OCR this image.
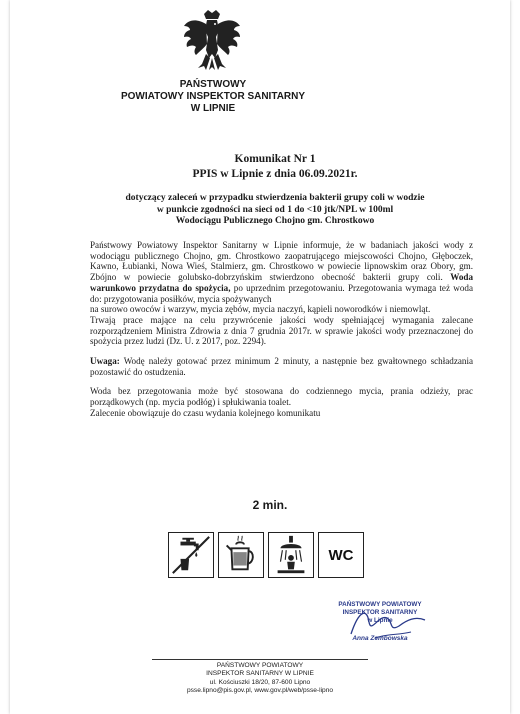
PAŃSTWOWY
POWIATOWY INSPEKTOR SANITARNY
W LIPNIE
Komunikat Nr 1
PPIS w Lipnie z dnia 06.09.2021r.
dotyczący zaleceń w przypadku stwierdzenia bakterii grupy coli w wodzie
w punkcie zgodności na sieci od 1 do <10 jtk/NPL w 100ml
Wodociągu Publicznego Chojno gm. Chrostkowo

Państwowy Powiatowy Inspektor Sanitarny w Lipnie informuje, że w badaniach jakości wody z wodociągu publicznego Chojno, gm. Chrostkowo zaopatrującego miejscowości Chojno, Głęboczek, Kawno, Łubianki, Nowa Wieś, Stalmierz, gm. Chrostkowo w powiecie lipnowskim oraz Obory, gm. Zbójno w powiecie golubsko-dobrzyńskim stwierdzono obecność bakterii grupy coli. Woda warunkowo przydatna do spożycia, po uprzednim przegotowaniu. Przegotowania wymaga też woda do: przygotowania posiłków, mycia spożywanych

na surowo owoców i warzyw, mycia zębów, mycia naczyń, kąpieli noworodków i niemowląt.

Trwają prace mające na celu przywrócenie jakości wody spełniającej wymagania zalecane rozporządzeniem Ministra Zdrowia z dnia 7 grudnia 2017r. w sprawie jakości wody przeznaczonej do spożycia przez ludzi (Dz. U. z 2017, poz. 2294).

Uwaga: Wodę należy gotować przez minimum 2 minuty, a następnie bez gwałtownego schładzania pozostawić do ostudzenia.

Woda bez przegotowania może być stosowana do codziennego mycia, prania odzieży, prac porządkowych (np. mycia podłóg) i spłukiwania toalet.

Zalecenie obowiązuje do czasu wydania kolejnego komunikatu

2 min.
WC
PAŃSTWOWY POWIATOWY
INSPEKTOR SANITARNY
w Lipnie
Anna Zembowska
PAŃSTWOWY POWIATOWY
INSPEKTOR SANITARNY W LIPNIE
ul. Kościuszki 18/20, 87-600 Lipno
psse.lipno@pis.gov.pl, www.gov.pl/web/psse-lipno
